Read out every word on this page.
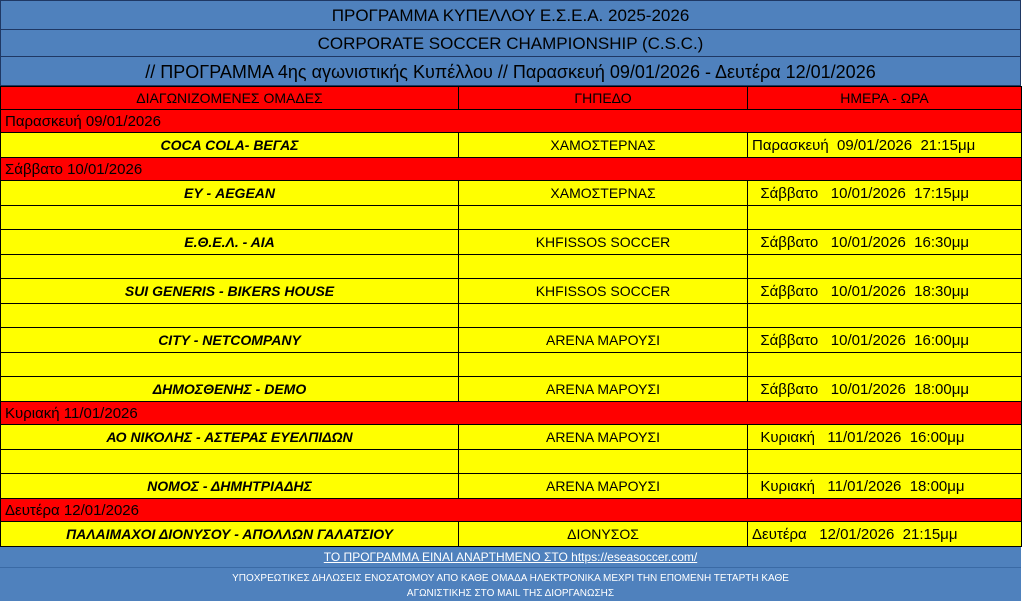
ΠΡΟΓΡΑΜΜΑ ΚΥΠΕΛΛΟΥ Ε.Σ.Ε.Α. 2025-2026
CORPORATE SOCCER CHAMPIONSHIP (C.S.C.)
// ΠΡΟΓΡΑΜΜΑ 4ης αγωνιστικής Κυπέλλου // Παρασκευή 09/01/2026 - Δευτέρα 12/01/2026
ΔΙΑΓΩΝΙΖΟΜΕΝΕΣ ΟΜΑΔΕΣ	ΓΗΠΕΔΟ	ΗΜΕΡΑ - ΩΡΑ
Παρασκευή 09/01/2026		
COCA COLA- ΒΕΓΑΣ	ΧΑΜΟΣΤΕΡΝΑΣ	Παρασκευή  09/01/2026  21:15μμ
Σάββατο 10/01/2026		
ΕΥ - AEGEAN	ΧΑΜΟΣΤΕΡΝΑΣ	Σάββατο   10/01/2026  17:15μμ

Ε.Θ.Ε.Λ. - ΑΙΑ	KHFISSOS SOCCER	Σάββατο   10/01/2026  16:30μμ

SUI GENERIS - BIKERS HOUSE	KHFISSOS SOCCER	Σάββατο   10/01/2026  18:30μμ

CITY - NETCOMPANY	ARENA ΜΑΡΟΥΣΙ	Σάββατο   10/01/2026  16:00μμ

ΔΗΜΟΣΘΕΝΗΣ - DEMO	ARENA ΜΑΡΟΥΣΙ	Σάββατο   10/01/2026  18:00μμ
Κυριακή 11/01/2026		
ΑΟ ΝΙΚΟΛΗΣ - ΑΣΤΕΡΑΣ ΕΥΕΛΠΙΔΩΝ	ARENA ΜΑΡΟΥΣΙ	Κυριακή   11/01/2026  16:00μμ

ΝΟΜΟΣ - ΔΗΜΗΤΡΙΑΔΗΣ	ARENA ΜΑΡΟΥΣΙ	Κυριακή   11/01/2026  18:00μμ
Δευτέρα 12/01/2026		
ΠΑΛΑΙΜΑΧΟΙ ΔΙΟΝΥΣΟΥ - ΑΠΟΛΛΩΝ ΓΑΛΑΤΣΙΟΥ	ΔΙΟΝΥΣΟΣ	Δευτέρα   12/01/2026  21:15μμ
ΤΟ ΠΡΟΓΡΑΜΜΑ ΕΙΝΑΙ ΑΝΑΡΤΗΜΕΝΟ ΣΤΟ https://eseasoccer.com/
ΥΠΟΧΡΕΩΤΙΚΕΣ ΔΗΛΩΣΕΙΣ ΕΝΟΣΑΤΟΜΟΥ ΑΠΟ ΚΑΘΕ ΟΜΑΔΑ ΗΛΕΚΤΡΟΝΙΚΑ ΜΕΧΡΙ ΤΗΝ ΕΠΟΜΕΝΗ ΤΕΤΑΡΤΗ ΚΑΘΕ
ΑΓΩΝΙΣΤΙΚΗΣ ΣΤΟ MAIL ΤΗΣ ΔΙΟΡΓΑΝΩΣΗΣ
